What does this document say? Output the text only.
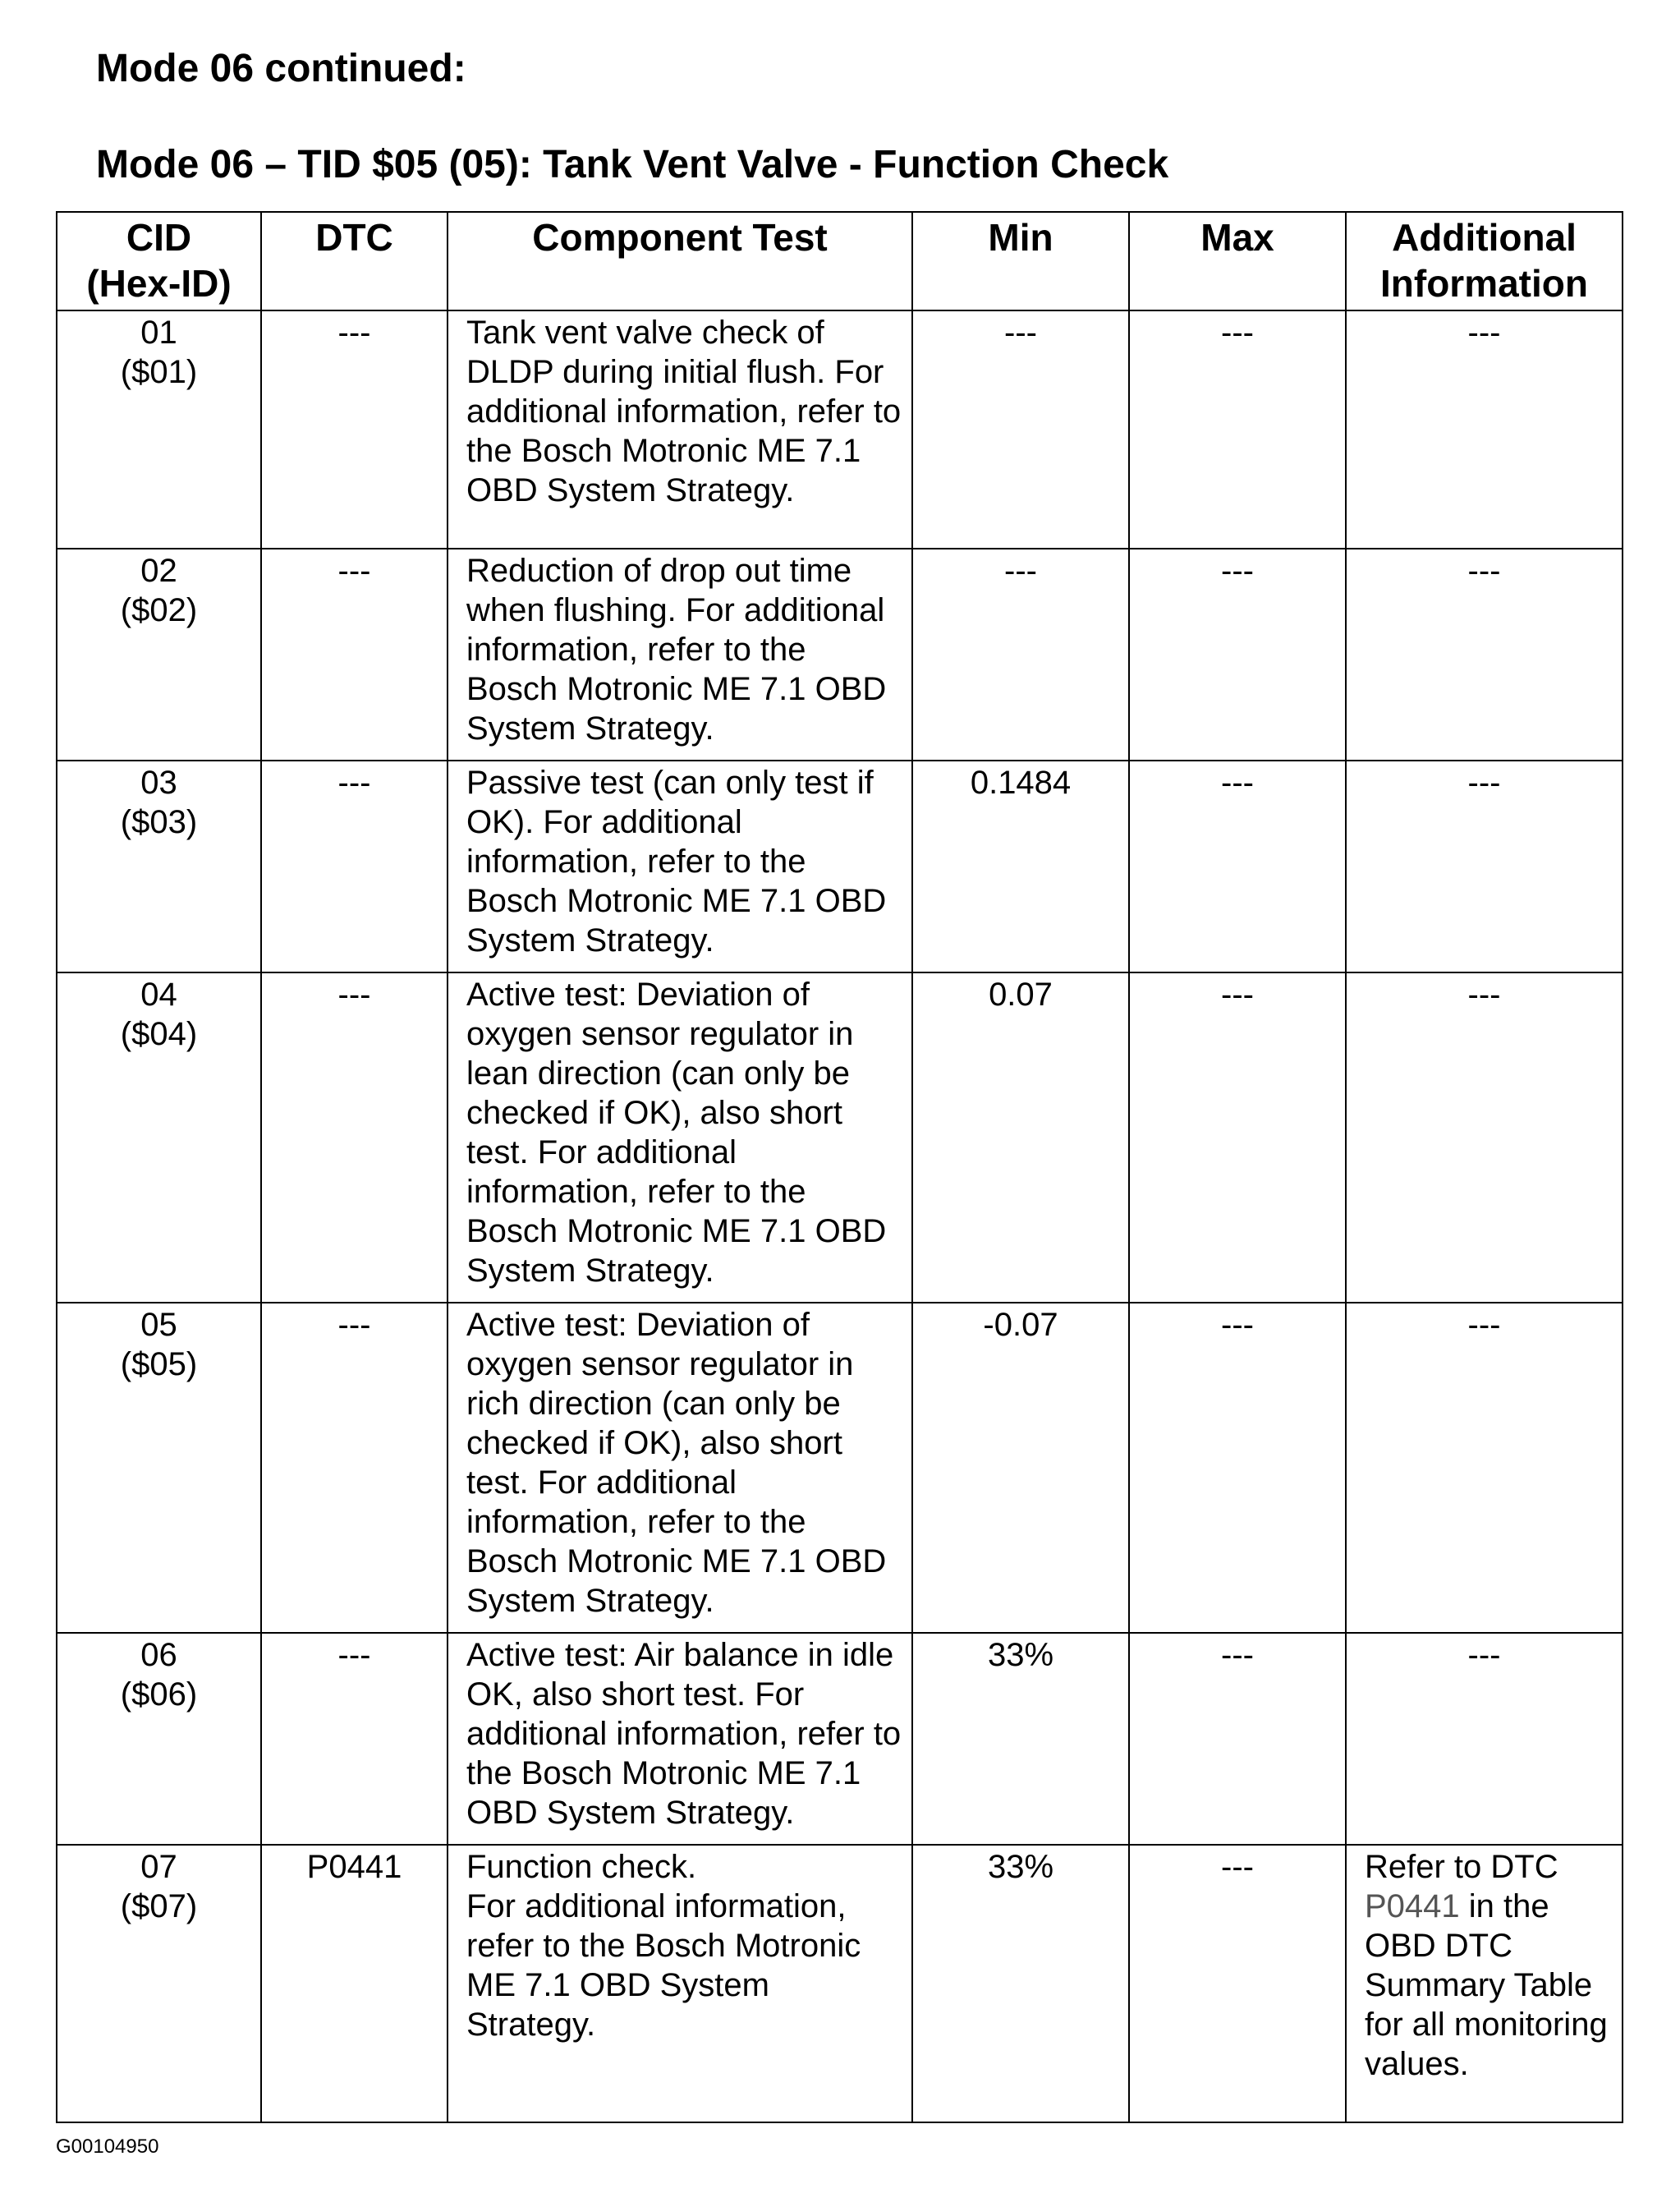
Mode 06 continued:
Mode 06 – TID $05 (05): Tank Vent Valve - Function Check
CID
(Hex-ID)	DTC	Component Test	Min	Max	Additional
Information

01
($01)	---	Tank vent valve check of DLDP during initial flush. For additional information, refer to the Bosch Motronic ME 7.1 OBD System Strategy.	---	---	---

02
($02)	---	Reduction of drop out time when flushing. For additional information, refer to the Bosch Motronic ME 7.1 OBD System Strategy.	---	---	---

03
($03)	---	Passive test (can only test if OK). For additional information, refer to the Bosch Motronic ME 7.1 OBD System Strategy.	0.1484	---	---

04
($04)	---	Active test: Deviation of oxygen sensor regulator in lean direction (can only be checked if OK), also short test. For additional information, refer to the Bosch Motronic ME 7.1 OBD System Strategy.	0.07	---	---

05
($05)	---	Active test: Deviation of oxygen sensor regulator in rich direction (can only be checked if OK), also short test. For additional information, refer to the Bosch Motronic ME 7.1 OBD System Strategy.	-0.07	---	---

06
($06)	---	Active test: Air balance in idle OK, also short test. For additional information, refer to the Bosch Motronic ME 7.1 OBD System Strategy.	33%	---	---

07
($07)	P0441	Function check.
For additional information, refer to the Bosch Motronic ME 7.1 OBD System Strategy.	33%	---	Refer to DTC P0441 in the OBD DTC Summary Table for all monitoring values.
G00104950
